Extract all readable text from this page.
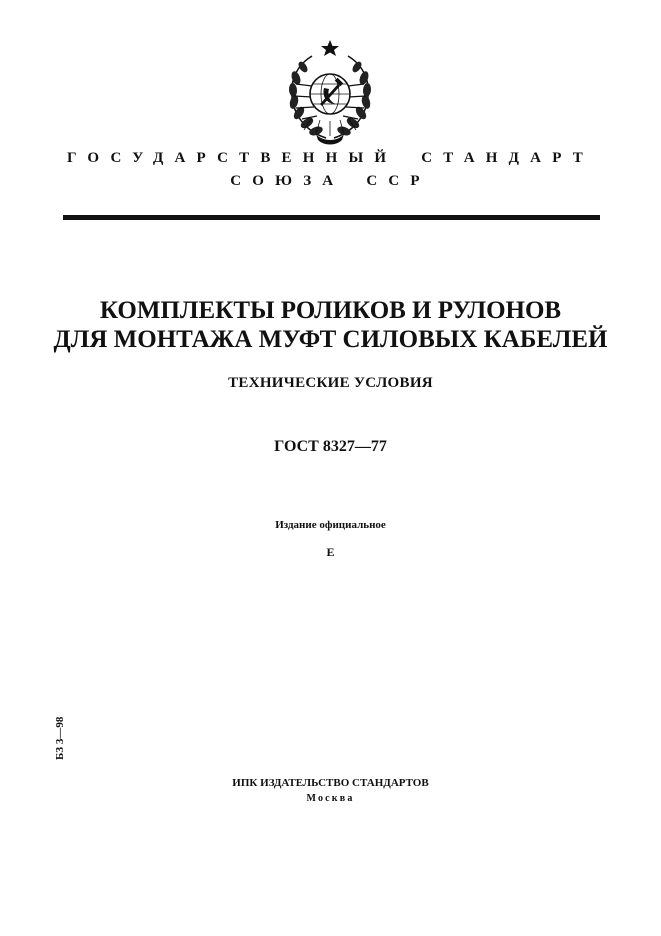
ГОСУДАРСТВЕННЫЙ СТАНДАРТ
СОЮЗА ССР
КОМПЛЕКТЫ РОЛИКОВ И РУЛОНОВ
ДЛЯ МОНТАЖА МУФТ СИЛОВЫХ КАБЕЛЕЙ
ТЕХНИЧЕСКИЕ УСЛОВИЯ
ГОСТ 8327—77
Издание официальное
Е
БЗ 3—98
ИПК ИЗДАТЕЛЬСТВО СТАНДАРТОВ
Москва
